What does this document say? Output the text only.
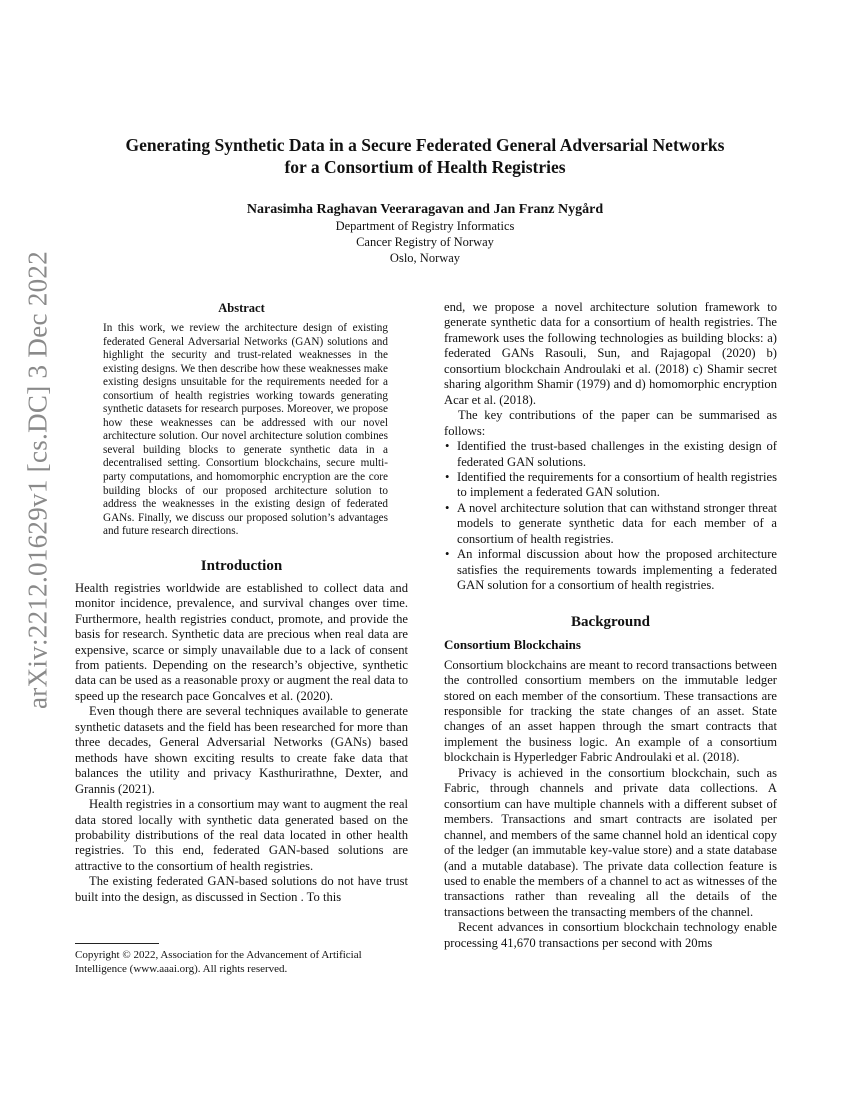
arXiv:2212.01629v1 [cs.DC] 3 Dec 2022
Generating Synthetic Data in a Secure Federated General Adversarial Networks
for a Consortium of Health Registries
Narasimha Raghavan Veeraragavan and Jan Franz Nygård
Department of Registry Informatics
Cancer Registry of Norway
Oslo, Norway
Abstract
In this work, we review the architecture design of existing federated General Adversarial Networks (GAN) solutions and highlight the security and trust-related weaknesses in the existing designs. We then describe how these weaknesses make existing designs unsuitable for the requirements needed for a consortium of health registries working towards generating synthetic datasets for research purposes. Moreover, we propose how these weaknesses can be addressed with our novel architecture solution. Our novel architecture solution combines several building blocks to generate synthetic data in a decentralised setting. Consortium blockchains, secure multi-party computations, and homomorphic encryption are the core building blocks of our proposed architecture solution to address the weaknesses in the existing design of federated GANs. Finally, we discuss our proposed solution’s advantages and future research directions.
Introduction

Health registries worldwide are established to collect data and monitor incidence, prevalence, and survival changes over time. Furthermore, health registries conduct, promote, and provide the basis for research. Synthetic data are precious when real data are expensive, scarce or simply unavailable due to a lack of consent from patients. Depending on the research’s objective, synthetic data can be used as a reasonable proxy or augment the real data to speed up the research pace Goncalves et al. (2020).

Even though there are several techniques available to generate synthetic datasets and the field has been researched for more than three decades, General Adversarial Networks (GANs) based methods have shown exciting results to create fake data that balances the utility and privacy Kasthurirathne, Dexter, and Grannis (2021).

Health registries in a consortium may want to augment the real data stored locally with synthetic data generated based on the probability distributions of the real data located in other health registries. To this end, federated GAN-based solutions are attractive to the consortium of health registries.

The existing federated GAN-based solutions do not have trust built into the design, as discussed in Section . To this

Copyright © 2022, Association for the Advancement of Artificial Intelligence (www.aaai.org). All rights reserved.

end, we propose a novel architecture solution framework to generate synthetic data for a consortium of health registries. The framework uses the following technologies as building blocks: a) federated GANs Rasouli, Sun, and Rajagopal (2020) b) consortium blockchain Androulaki et al. (2018) c) Shamir secret sharing algorithm Shamir (1979) and d) homomorphic encryption Acar et al. (2018).

The key contributions of the paper can be summarised as follows:

• Identified the trust-based challenges in the existing design of federated GAN solutions.
• Identified the requirements for a consortium of health registries to implement a federated GAN solution.
• A novel architecture solution that can withstand stronger threat models to generate synthetic data for each member of a consortium of health registries.
• An informal discussion about how the proposed architecture satisfies the requirements towards implementing a federated GAN solution for a consortium of health registries.
Background
Consortium Blockchains

Consortium blockchains are meant to record transactions between the controlled consortium members on the immutable ledger stored on each member of the consortium. These transactions are responsible for tracking the state changes of an asset. State changes of an asset happen through the smart contracts that implement the business logic. An example of a consortium blockchain is Hyperledger Fabric Androulaki et al. (2018).

Privacy is achieved in the consortium blockchain, such as Fabric, through channels and private data collections. A consortium can have multiple channels with a different subset of members. Transactions and smart contracts are isolated per channel, and members of the same channel hold an identical copy of the ledger (an immutable key-value store) and a state database (and a mutable database). The private data collection feature is used to enable the members of a channel to act as witnesses of the transactions rather than revealing all the details of the transactions between the transacting members of the channel.

Recent advances in consortium blockchain technology enable processing 41,670 transactions per second with 20ms
